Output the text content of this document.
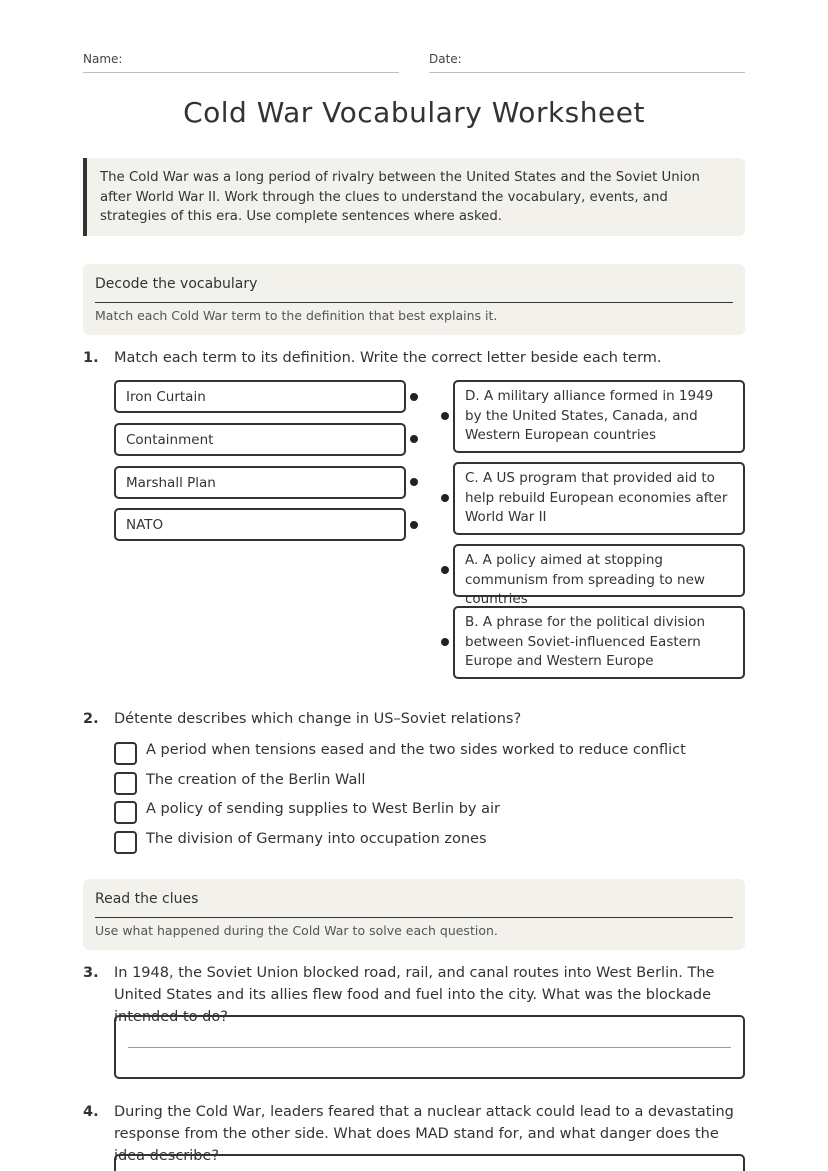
Name:	Date:
Cold War Vocabulary Worksheet
The Cold War was a long period of rivalry between the United States and the Soviet Union after World War II. Work through the clues to understand the vocabulary, events, and strategies of this era. Use complete sentences where asked.
Decode the vocabulary
Match each Cold War term to the definition that best explains it.
1. Match each term to its definition. Write the correct letter beside each term.
Iron Curtain
Containment
Marshall Plan
NATO
D. A military alliance formed in 1949 by the United States, Canada, and Western European countries
C. A US program that provided aid to help rebuild European economies after World War II
A. A policy aimed at stopping communism from spreading to new countries
B. A phrase for the political division between Soviet-influenced Eastern Europe and Western Europe
2. Détente describes which change in US–Soviet relations?
A period when tensions eased and the two sides worked to reduce conflict
The creation of the Berlin Wall
A policy of sending supplies to West Berlin by air
The division of Germany into occupation zones
Read the clues
Use what happened during the Cold War to solve each question.
3. In 1948, the Soviet Union blocked road, rail, and canal routes into West Berlin. The United States and its allies flew food and fuel into the city. What was the blockade intended to do?
4. During the Cold War, leaders feared that a nuclear attack could lead to a devastating response from the other side. What does MAD stand for, and what danger does the idea describe?
